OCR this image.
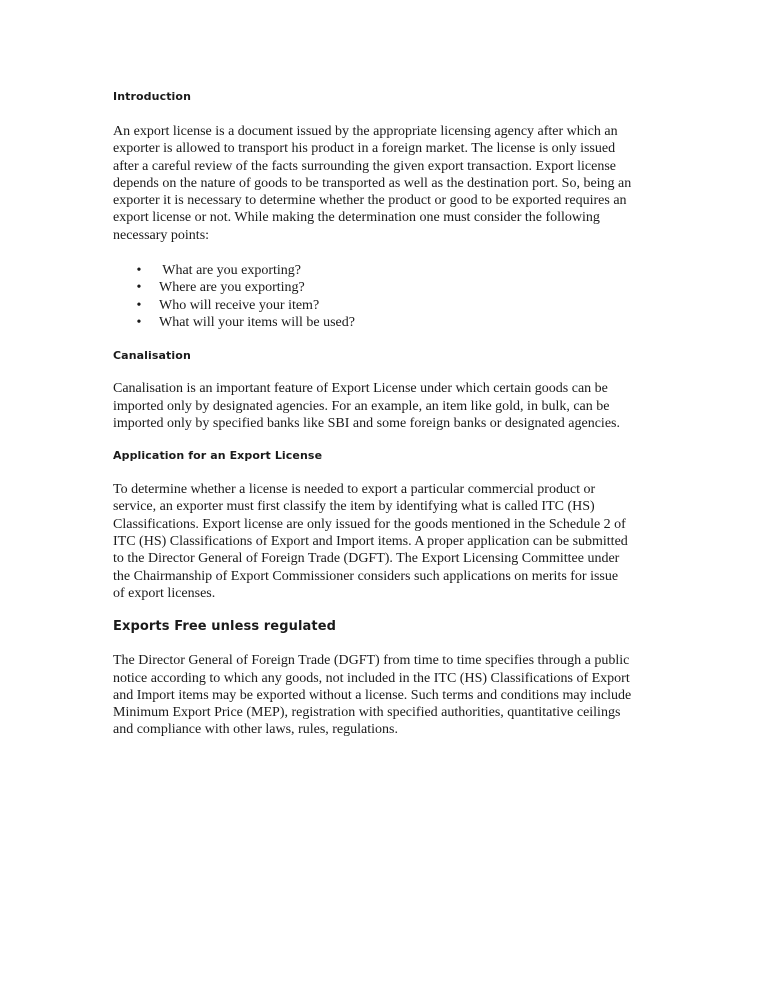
Introduction

An export license is a document issued by the appropriate licensing agency after which an exporter is allowed to transport his product in a foreign market. The license is only issued after a careful review of the facts surrounding the given export transaction. Export license depends on the nature of goods to be transported as well as the destination port. So, being an exporter it is necessary to determine whether the product or good to be exported requires an export license or not. While making the determination one must consider the following necessary points:

• What are you exporting?
• Where are you exporting?
• Who will receive your item?
• What will your items will be used?
Canalisation

Canalisation is an important feature of Export License under which certain goods can be imported only by designated agencies. For an example, an item like gold, in bulk, can be imported only by specified banks like SBI and some foreign banks or designated agencies.

Application for an Export License

To determine whether a license is needed to export a particular commercial product or service, an exporter must first classify the item by identifying what is called ITC (HS) Classifications. Export license are only issued for the goods mentioned in the Schedule 2 of ITC (HS) Classifications of Export and Import items. A proper application can be submitted to the Director General of Foreign Trade (DGFT). The Export Licensing Committee under the Chairmanship of Export Commissioner considers such applications on merits for issue of export licenses.

Exports Free unless regulated

The Director General of Foreign Trade (DGFT) from time to time specifies through a public notice according to which any goods, not included in the ITC (HS) Classifications of Export and Import items may be exported without a license. Such terms and conditions may include Minimum Export Price (MEP), registration with specified authorities, quantitative ceilings and compliance with other laws, rules, regulations.
